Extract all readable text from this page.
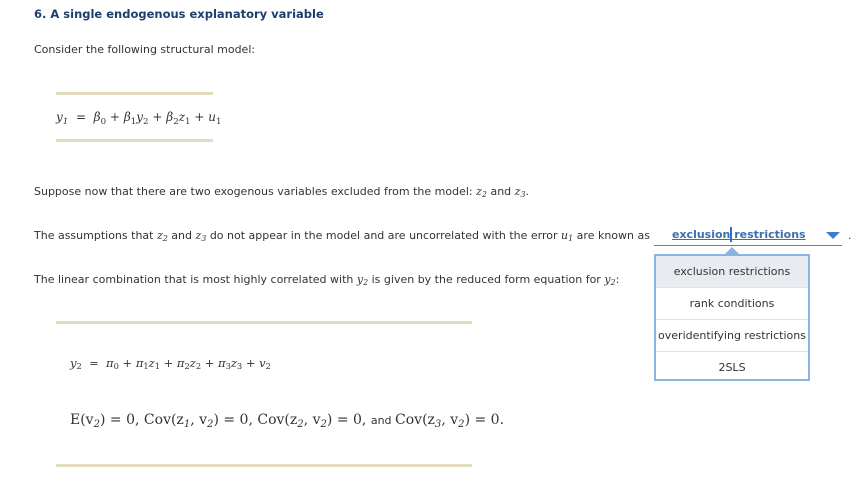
6. A single endogenous explanatory variable
Consider the following structural model:
$y_1 = \beta_0 + \beta_1y_2 + \beta_2z_1 + u_1$
Suppose now that there are two exogenous variables excluded from the model: $z_2$ and $z_3$.
The assumptions that $z_2$ and $z_3$ do not appear in the model and are uncorrelated with the error $u_1$ are known as exclusion restrictions	.
exclusion restrictions
rank conditions
overidentifying restrictions
2SLS
The linear combination that is most highly correlated with $y_2$ is given by the reduced form equation for $y_2$:
$y_2 = \pi_0 + \pi_1z_1 + \pi_2z_2 + \pi_3z_3 + v_2$
$E(v_2) = 0$, $Cov(z_1$, $v_2) = 0$, $Cov(z_2$, $v_2) = 0$, and $Cov(z_3$, $v_2) = 0$.
